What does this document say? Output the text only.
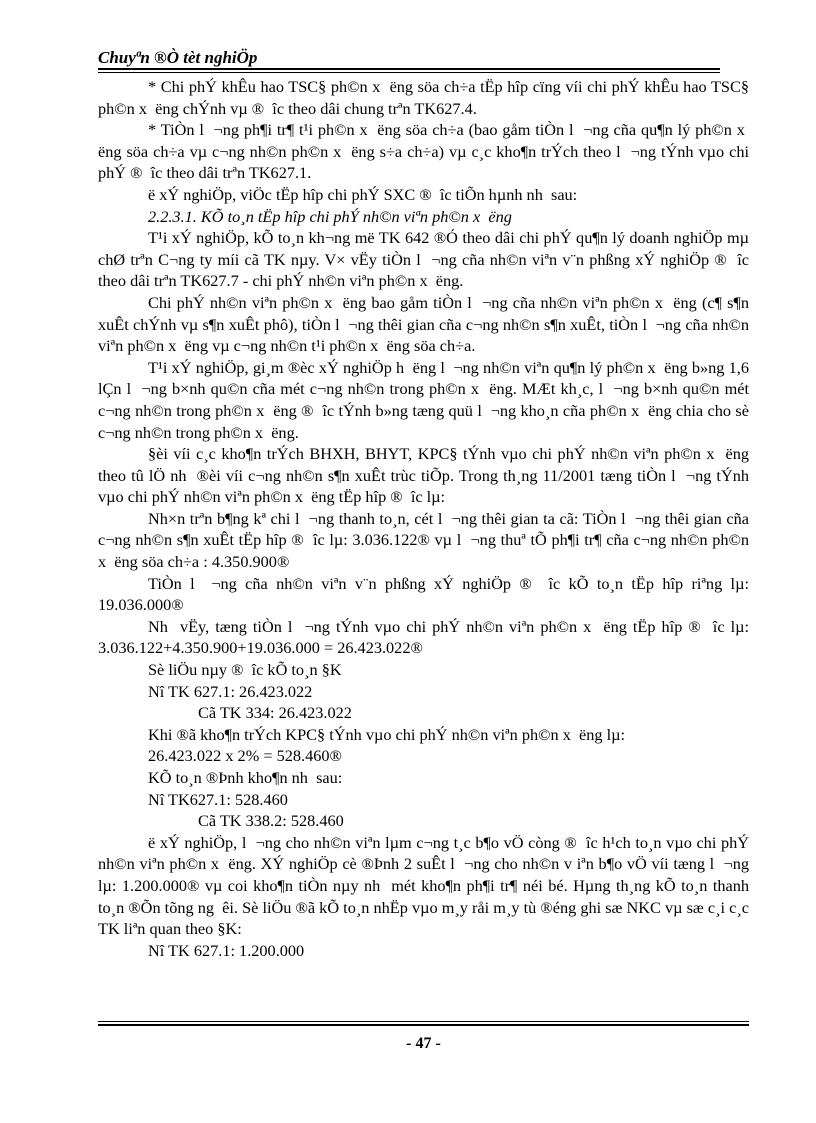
Chuyªn ®Ò tèt nghiÖp

* Chi phÝ khÊu hao TSC§ ph©n x  ëng söa ch÷a tËp hîp cïng víi chi phÝ khÊu hao TSC§ ph©n x  ëng chÝnh vµ ®  îc theo dâi chung trªn TK627.4.

* TiÒn l  ¬ng ph¶i tr¶ t¹i ph©n x  ëng söa ch÷a (bao gåm tiÒn l  ¬ng cña qu¶n lý ph©n x  ëng söa ch÷a vµ c¬ng nh©n ph©n x  ëng s÷a ch÷a) vµ c¸c kho¶n trÝch theo l  ¬ng tÝnh vµo chi phÝ ®  îc theo dâi trªn TK627.1.

ë xÝ nghiÖp, viÖc tËp hîp chi phÝ SXC ®  îc tiÕn hµnh nh  sau:

2.2.3.1. KÕ to¸n tËp hîp chi phÝ nh©n viªn ph©n x  ëng

T¹i xÝ nghiÖp, kÕ to¸n kh¬ng më TK 642 ®Ó theo dâi chi phÝ qu¶n lý doanh nghiÖp mµ chØ trªn C¬ng ty míi cã TK nµy. V× vËy tiÒn l  ¬ng cña nh©n viªn v¨n phßng xÝ nghiÖp ®  îc theo dâi trªn TK627.7 - chi phÝ nh©n viªn ph©n x  ëng.

Chi phÝ nh©n viªn ph©n x  ëng bao gåm tiÒn l  ¬ng cña nh©n viªn ph©n x  ëng (c¶ s¶n xuÊt chÝnh vµ s¶n xuÊt phô), tiÒn l  ¬ng thêi gian cña c¬ng nh©n s¶n xuÊt, tiÒn l  ¬ng cña nh©n viªn ph©n x  ëng vµ c¬ng nh©n t¹i ph©n x  ëng söa ch÷a.

T¹i xÝ nghiÖp, gi¸m ®èc xÝ nghiÖp h  ëng l  ¬ng nh©n viªn qu¶n lý ph©n x  ëng b»ng 1,6 lÇn l  ¬ng b×nh qu©n cña mét c¬ng nh©n trong ph©n x  ëng. MÆt kh¸c, l  ¬ng b×nh qu©n mét c¬ng nh©n trong ph©n x  ëng ®  îc tÝnh b»ng tæng quü l  ¬ng kho¸n cña ph©n x  ëng chia cho sè c¬ng nh©n trong ph©n x  ëng.

§èi víi c¸c kho¶n trÝch BHXH, BHYT, KPC§ tÝnh vµo chi phÝ nh©n viªn ph©n x  ëng theo tû lÖ nh  ®èi víi c¬ng nh©n s¶n xuÊt trùc tiÕp. Trong th¸ng 11/2001 tæng tiÒn l  ¬ng tÝnh vµo chi phÝ nh©n viªn ph©n x  ëng tËp hîp ®  îc lµ:

Nh×n trªn b¶ng kª chi l  ¬ng thanh to¸n, cét l  ¬ng thêi gian ta cã: TiÒn l  ¬ng thêi gian cña c¬ng nh©n s¶n xuÊt tËp hîp ®  îc lµ: 3.036.122® vµ l  ¬ng thuª tÕ ph¶i tr¶ cña c¬ng nh©n ph©n x  ëng söa ch÷a : 4.350.900®

TiÒn l  ¬ng cña nh©n viªn v¨n phßng xÝ nghiÖp ®  îc kÕ to¸n tËp hîp riªng lµ: 19.036.000®

Nh  vËy, tæng tiÒn l  ¬ng tÝnh vµo chi phÝ nh©n viªn ph©n x  ëng tËp hîp ®  îc lµ: 3.036.122+4.350.900+19.036.000 = 26.423.022®

Sè liÖu nµy ®  îc kÕ to¸n §K

Nî TK 627.1: 26.423.022

Cã TK 334: 26.423.022

Khi ®ã kho¶n trÝch KPC§ tÝnh vµo chi phÝ nh©n viªn ph©n x  ëng lµ:

26.423.022 x 2% = 528.460®

KÕ to¸n ®Þnh kho¶n nh  sau:

Nî TK627.1: 528.460

Cã TK 338.2: 528.460

ë xÝ nghiÖp, l  ¬ng cho nh©n viªn lµm c¬ng t¸c b¶o vÖ còng ®  îc h¹ch to¸n vµo chi phÝ nh©n viªn ph©n x  ëng. XÝ nghiÖp cè ®Þnh 2 suÊt l  ¬ng cho nh©n v iªn b¶o vÖ víi tæng l  ¬ng lµ: 1.200.000® vµ coi kho¶n tiÒn nµy nh  mét kho¶n ph¶i tr¶ néi bé. Hµng th¸ng kÕ to¸n thanh to¸n ®Õn tõng ng  êi. Sè liÖu ®ã kÕ to¸n nhËp vµo m¸y råi m¸y tù ®éng ghi sæ NKC vµ sæ c¸i c¸c TK liªn quan theo §K:

Nî TK 627.1: 1.200.000

- 47 -
